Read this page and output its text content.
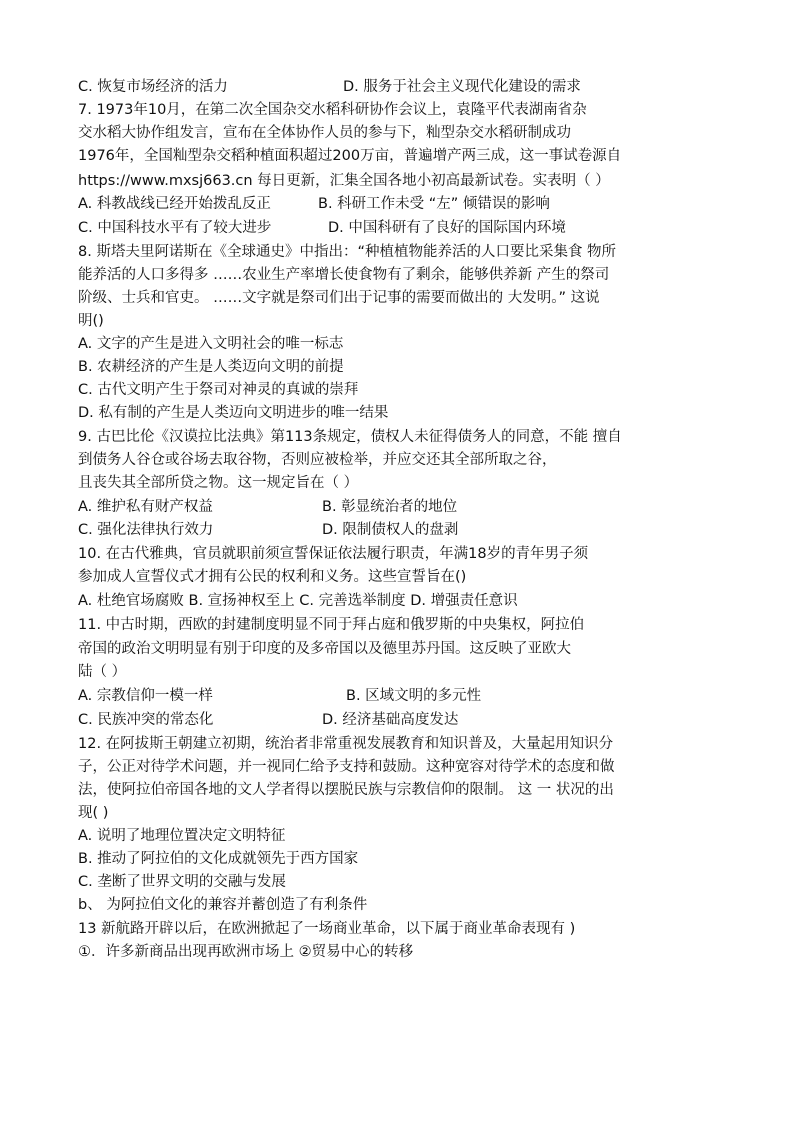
C. 恢复市场经济的活力	D. 服务于社会主义现代化建设的需求
7. 1973年10月，在第二次全国杂交水稻科研协作会议上，袁隆平代表湖南省杂
交水稻大协作组发言，宣布在全体协作人员的参与下，籼型杂交水稻研制成功
1976年，全国籼型杂交稻种植面积超过200万亩，普遍增产两三成，这一事试卷源自
https://www.mxsj663.cn 每日更新，汇集全国各地小初高最新试卷。实表明（ ）
A. 科教战线已经开始拨乱反正	B. 科研工作未受 “左” 倾错误的影响
C. 中国科技水平有了较大进步	D. 中国科研有了良好的国际国内环境
8. 斯塔夫里阿诺斯在《全球通史》中指出：“种植植物能养活的人口要比采集食 物所
能养活的人口多得多 ……农业生产率增长使食物有了剩余，能够供养新 产生的祭司
阶级、士兵和官吏。 ……文字就是祭司们出于记事的需要而做出的 大发明。” 这说
明()
A. 文字的产生是进入文明社会的唯一标志
B. 农耕经济的产生是人类迈向文明的前提
C. 古代文明产生于祭司对神灵的真诚的崇拜
D. 私有制的产生是人类迈向文明进步的唯一结果
9. 古巴比伦《汉谟拉比法典》第113条规定，债权人未征得债务人的同意，不能 擅自
到债务人谷仓或谷场去取谷物，否则应被检举，并应交还其全部所取之谷，
且丧失其全部所贷之物。这一规定旨在（ ）
A. 维护私有财产权益	B. 彰显统治者的地位
C. 强化法律执行效力	D. 限制债权人的盘剥
10. 在古代雅典，官员就职前须宣誓保证依法履行职责，年满18岁的青年男子须
参加成人宣誓仪式才拥有公民的权利和义务。这些宣誓旨在()
A. 杜绝官场腐败 B. 宣扬神权至上 C. 完善选举制度 D. 增强责任意识
11. 中古时期，西欧的封建制度明显不同于拜占庭和俄罗斯的中央集权，阿拉伯
帝国的政治文明明显有别于印度的及多帝国以及德里苏丹国。这反映了亚欧大
陆（ ）
A. 宗教信仰一模一样	B. 区域文明的多元性
C. 民族冲突的常态化	D. 经济基础高度发达
12. 在阿拔斯王朝建立初期，统治者非常重视发展教育和知识普及，大量起用知识分
子，公正对待学术问题，并一视同仁给予支持和鼓励。这种宽容对待学术的态度和做
法，使阿拉伯帝国各地的文人学者得以摆脱民族与宗教信仰的限制。 这 一 状况的出
现( )
A. 说明了地理位置决定文明特征
B. 推动了阿拉伯的文化成就领先于西方国家
C. 垄断了世界文明的交融与发展
b、 为阿拉伯文化的兼容并蓄创造了有利条件
13 新航路开辟以后，在欧洲掀起了一场商业革命，以下属于商业革命表现有 )
①．许多新商品出现再欧洲市场上 ②贸易中心的转移
